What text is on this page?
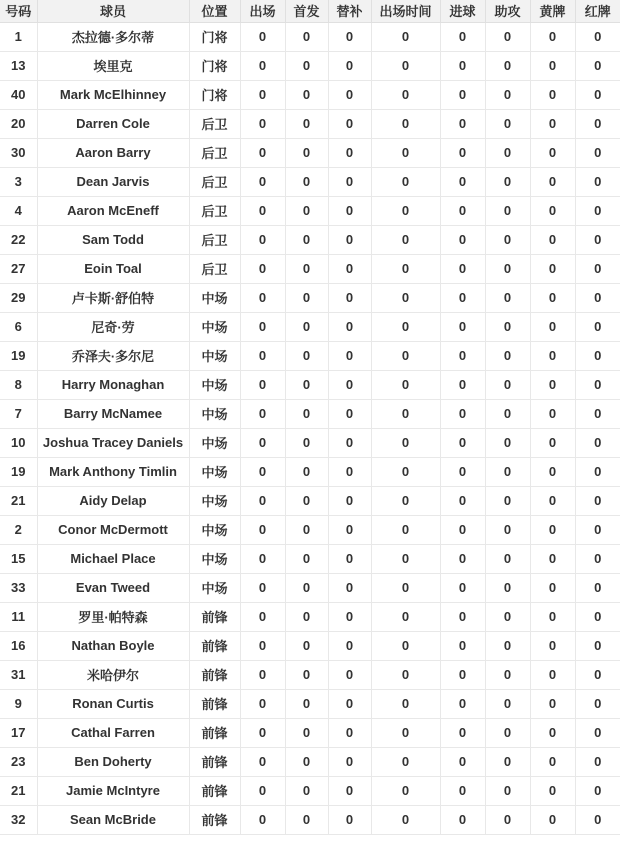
号码	球员	位置	出场	首发	替补	出场时间	进球	助攻	黄牌	红牌
1	杰拉德·多尔蒂	门将	0	0	0	0	0	0	0	0
13	埃里克	门将	0	0	0	0	0	0	0	0
40	Mark McElhinney	门将	0	0	0	0	0	0	0	0
20	Darren Cole	后卫	0	0	0	0	0	0	0	0
30	Aaron Barry	后卫	0	0	0	0	0	0	0	0
3	Dean Jarvis	后卫	0	0	0	0	0	0	0	0
4	Aaron McEneff	后卫	0	0	0	0	0	0	0	0
22	Sam Todd	后卫	0	0	0	0	0	0	0	0
27	Eoin Toal	后卫	0	0	0	0	0	0	0	0
29	卢卡斯·舒伯特	中场	0	0	0	0	0	0	0	0
6	尼奇·劳	中场	0	0	0	0	0	0	0	0
19	乔泽夫·多尔尼	中场	0	0	0	0	0	0	0	0
8	Harry Monaghan	中场	0	0	0	0	0	0	0	0
7	Barry McNamee	中场	0	0	0	0	0	0	0	0
10	Joshua Tracey Daniels	中场	0	0	0	0	0	0	0	0
19	Mark Anthony Timlin	中场	0	0	0	0	0	0	0	0
21	Aidy Delap	中场	0	0	0	0	0	0	0	0
2	Conor McDermott	中场	0	0	0	0	0	0	0	0
15	Michael Place	中场	0	0	0	0	0	0	0	0
33	Evan Tweed	中场	0	0	0	0	0	0	0	0
11	罗里·帕特森	前锋	0	0	0	0	0	0	0	0
16	Nathan Boyle	前锋	0	0	0	0	0	0	0	0
31	米哈伊尔	前锋	0	0	0	0	0	0	0	0
9	Ronan Curtis	前锋	0	0	0	0	0	0	0	0
17	Cathal Farren	前锋	0	0	0	0	0	0	0	0
23	Ben Doherty	前锋	0	0	0	0	0	0	0	0
21	Jamie McIntyre	前锋	0	0	0	0	0	0	0	0
32	Sean McBride	前锋	0	0	0	0	0	0	0	0
